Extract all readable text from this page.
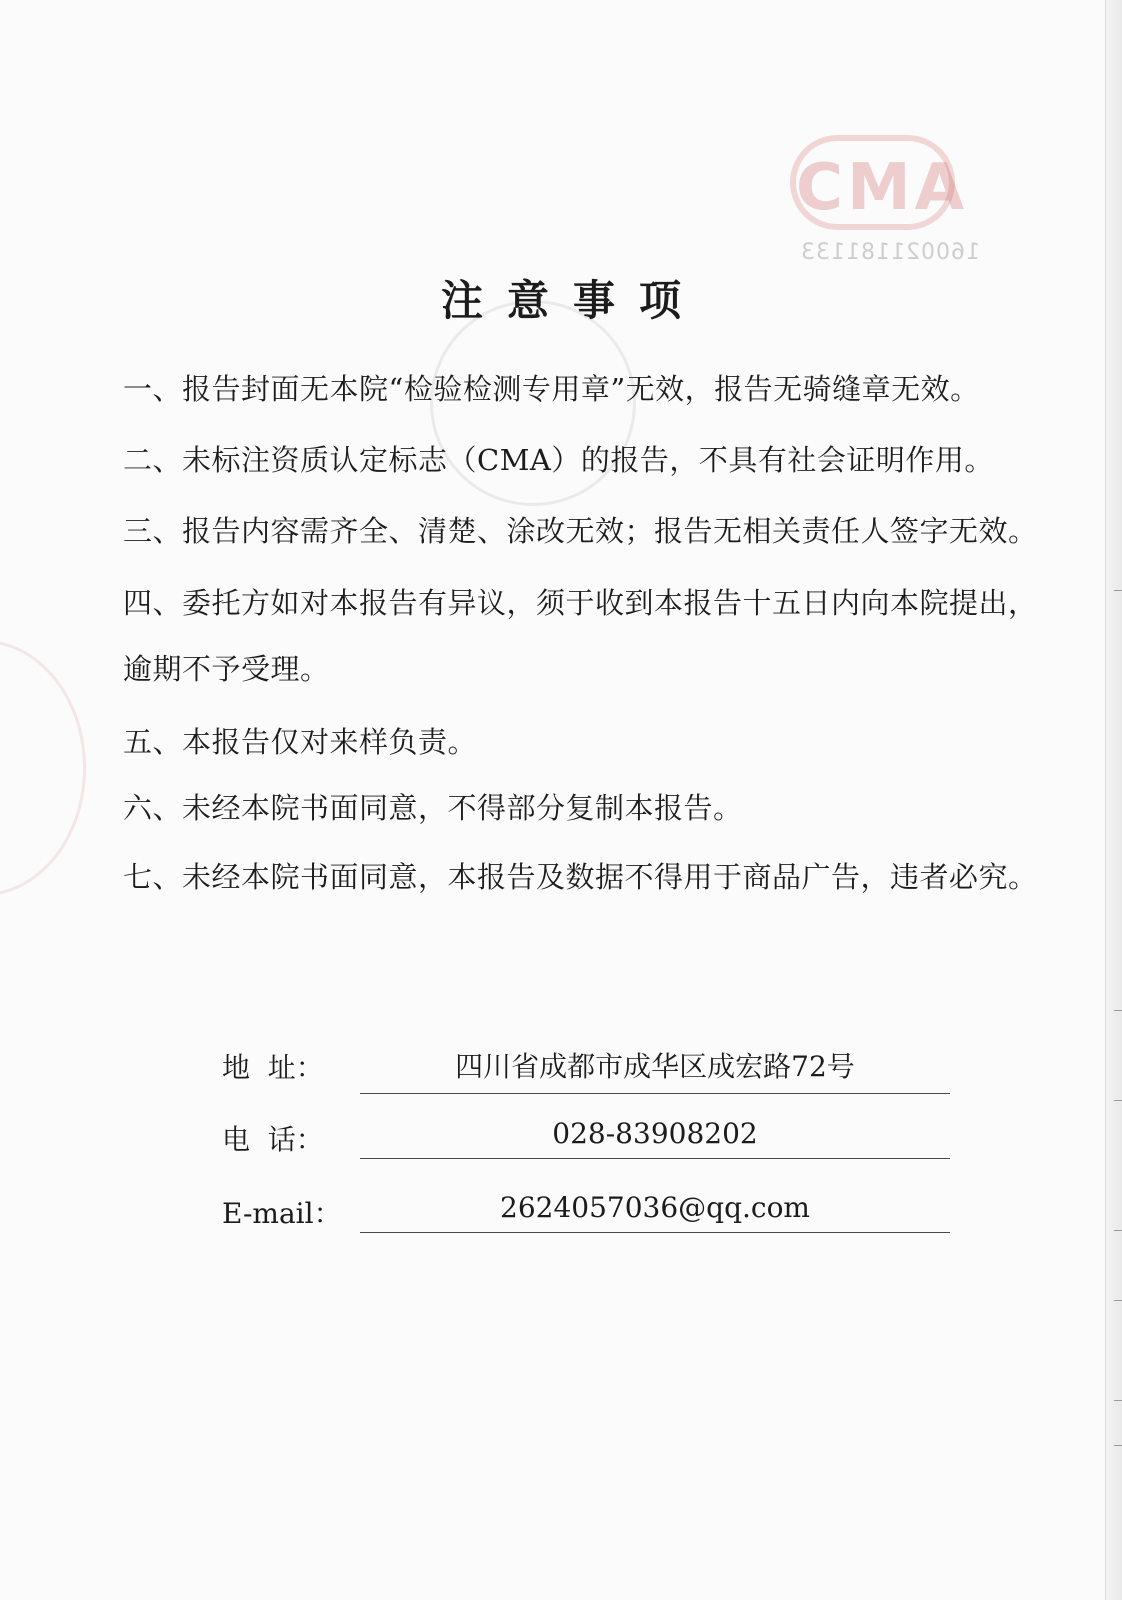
CMA
160021181133
注意事项
一、报告封面无本院“检验检测专用章”无效，报告无骑缝章无效。
二、未标注资质认定标志（CMA）的报告，不具有社会证明作用。
三、报告内容需齐全、清楚、涂改无效；报告无相关责任人签字无效。
四、委托方如对本报告有异议，须于收到本报告十五日内向本院提出，逾期不予受理。
五、本报告仅对来样负责。
六、未经本院书面同意，不得部分复制本报告。
七、未经本院书面同意，本报告及数据不得用于商品广告，违者必究。
地  址：	四川省成都市成华区成宏路72号
电  话：	028-83908202
E-mail：	2624057036@qq.com
